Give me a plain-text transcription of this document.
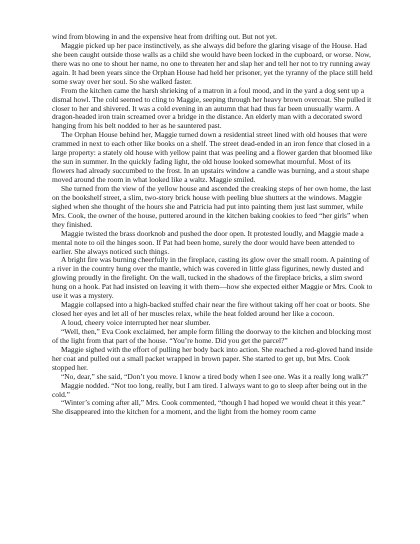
wind from blowing in and the expensive heat from drifting out. But not yet.

Maggie picked up her pace instinctively, as she always did before the glaring visage of the House. Had she been caught outside those walls as a child she would have been locked in the cupboard, or worse. Now, there was no one to shout her name, no one to threaten her and slap her and tell her not to try running away again. It had been years since the Orphan House had held her prisoner, yet the tyranny of the place still held some sway over her soul. So she walked faster.

From the kitchen came the harsh shrieking of a matron in a foul mood, and in the yard a dog sent up a dismal howl. The cold seemed to cling to Maggie, seeping through her heavy brown overcoat. She pulled it closer to her and shivered. It was a cold evening in an autumn that had thus far been unusually warm. A dragon-headed iron train screamed over a bridge in the distance. An elderly man with a decorated sword hanging from his belt nodded to her as he sauntered past.

The Orphan House behind her, Maggie turned down a residential street lined with old houses that were crammed in next to each other like books on a shelf. The street dead-ended in an iron fence that closed in a large property: a stately old house with yellow paint that was peeling and a flower garden that bloomed like the sun in summer. In the quickly fading light, the old house looked somewhat mournful. Most of its flowers had already succumbed to the frost. In an upstairs window a candle was burning, and a stout shape moved around the room in what looked like a waltz. Maggie smiled.

She turned from the view of the yellow house and ascended the creaking steps of her own home, the last on the bookshelf street, a slim, two-story brick house with peeling blue shutters at the windows. Maggie sighed when she thought of the hours she and Patricia had put into painting them just last summer, while Mrs. Cook, the owner of the house, puttered around in the kitchen baking cookies to feed “her girls” when they finished.

Maggie twisted the brass doorknob and pushed the door open. It protested loudly, and Maggie made a mental note to oil the hinges soon. If Pat had been home, surely the door would have been attended to earlier. She always noticed such things.

A bright fire was burning cheerfully in the fireplace, casting its glow over the small room. A painting of a river in the country hung over the mantle, which was covered in little glass figurines, newly dusted and glowing proudly in the firelight. On the wall, tucked in the shadows of the fireplace bricks, a slim sword hung on a hook. Pat had insisted on leaving it with them—how she expected either Maggie or Mrs. Cook to use it was a mystery.

Maggie collapsed into a high-backed stuffed chair near the fire without taking off her coat or boots. She closed her eyes and let all of her muscles relax, while the heat folded around her like a cocoon.

A loud, cheery voice interrupted her near slumber.

“Well, then,” Eva Cook exclaimed, her ample form filling the doorway to the kitchen and blocking most of the light from that part of the house. “You’re home. Did you get the parcel?”

Maggie sighed with the effort of pulling her body back into action. She reached a red-gloved hand inside her coat and pulled out a small packet wrapped in brown paper. She started to get up, but Mrs. Cook stopped her.

“No, dear,” she said, “Don’t you move. I know a tired body when I see one. Was it a really long walk?”

Maggie nodded. “Not too long, really, but I am tired. I always want to go to sleep after being out in the cold.”

“Winter’s coming after all,” Mrs. Cook commented, “though I had hoped we would cheat it this year.” She disappeared into the kitchen for a moment, and the light from the homey room came
